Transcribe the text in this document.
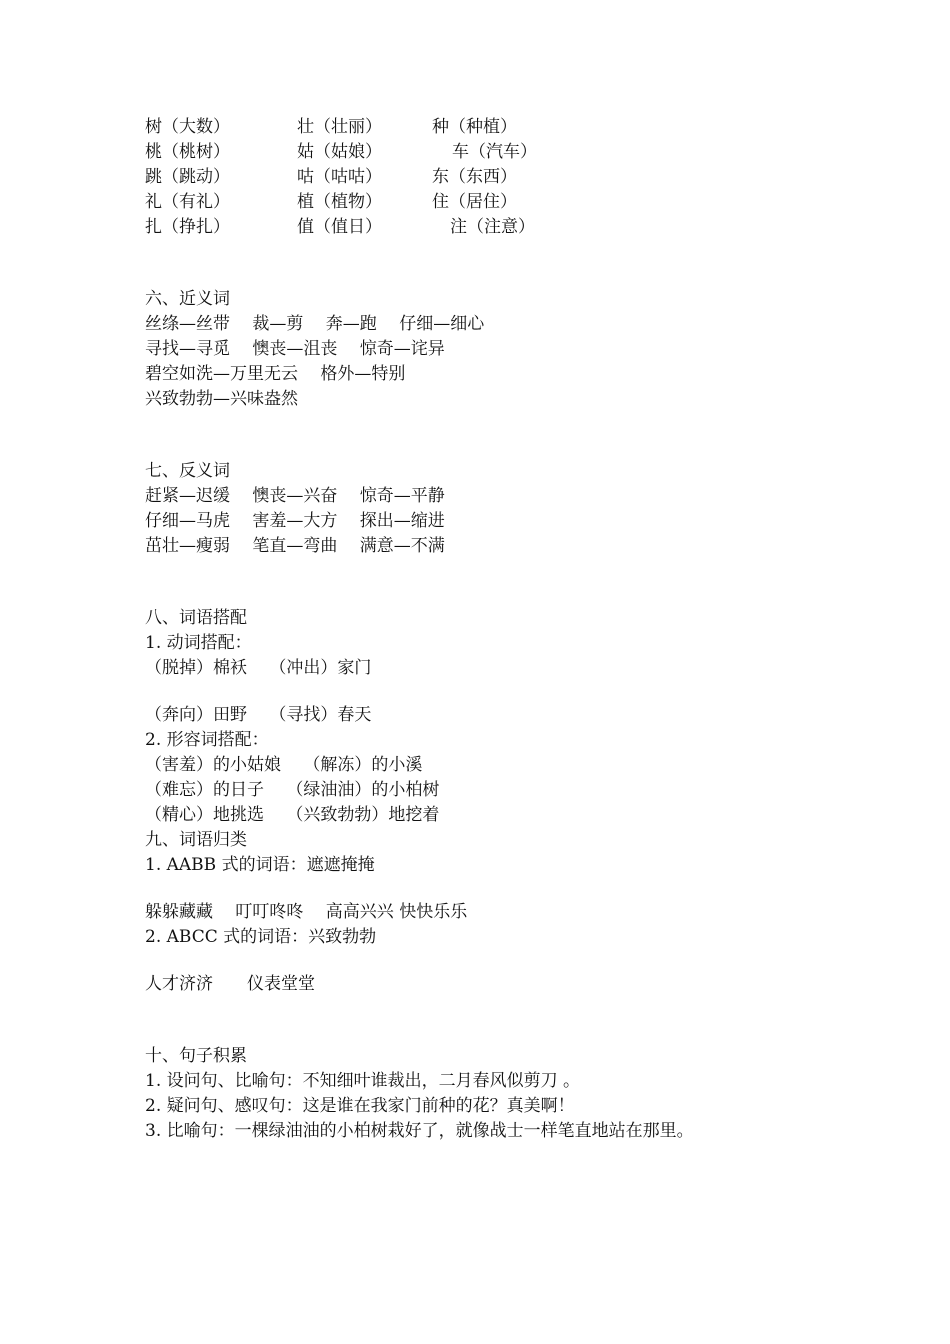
树（大数）	壮（壮丽）	种（种植）
桃（桃树）	姑（姑娘）	车（汽车）
跳（跳动）	咕（咕咕）	东（东西）
礼（有礼）	植（植物）	住（居住）
扎（挣扎）	值（值日）	注（注意）
六、近义词
丝绦—丝带　 裁—剪　 奔—跑　 仔细—细心
寻找—寻觅　 懊丧—沮丧　 惊奇—诧异
碧空如洗—万里无云　 格外—特别
兴致勃勃—兴味盎然
七、反义词
赶紧—迟缓　 懊丧—兴奋　 惊奇—平静
仔细—马虎　 害羞—大方　 探出—缩进
茁壮—瘦弱　 笔直—弯曲　 满意—不满
八、词语搭配
1. 动词搭配：
（脱掉）棉袄　 （冲出）家门
（奔向）田野　 （寻找）春天
2. 形容词搭配：
（害羞）的小姑娘　 （解冻）的小溪
（难忘）的日子　 （绿油油）的小柏树
（精心）地挑选　 （兴致勃勃）地挖着
九、词语归类
1. AABB 式的词语：遮遮掩掩
躲躲藏藏　 叮叮咚咚　 高高兴兴 快快乐乐
2. ABCC 式的词语：兴致勃勃
人才济济　　仪表堂堂
十、句子积累
1. 设问句、比喻句：不知细叶谁裁出，二月春风似剪刀 。
2. 疑问句、感叹句：这是谁在我家门前种的花？真美啊！
3. 比喻句：一棵绿油油的小柏树栽好了，就像战士一样笔直地站在那里。
